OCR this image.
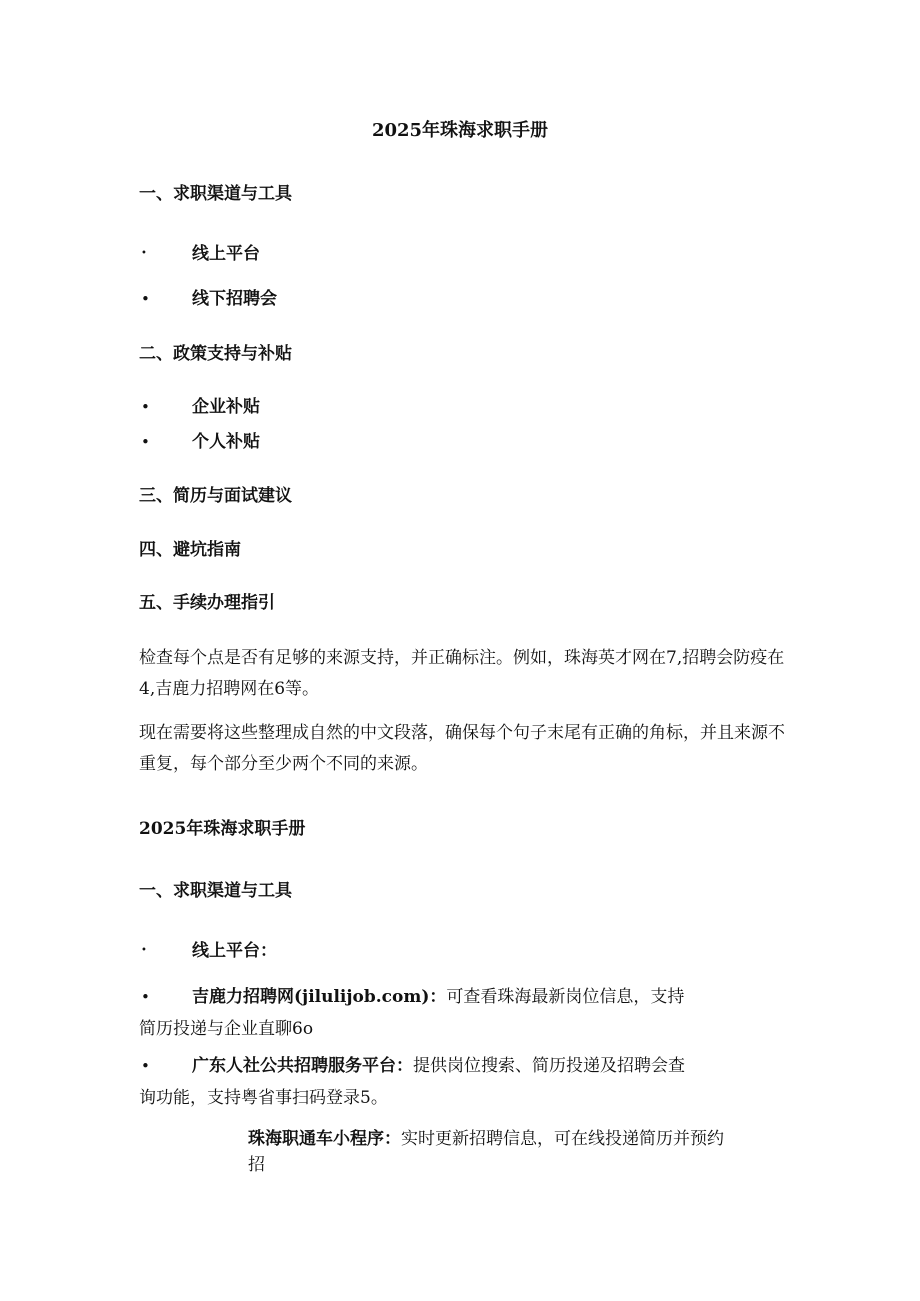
2025年珠海求职手册
一、求职渠道与工具
•	线上平台
• 线下招聘会
二、政策支持与补贴
• 企业补贴
• 个人补贴
三、简历与面试建议
四、避坑指南
五、手续办理指引
检查每个点是否有足够的来源支持，并正确标注。例如，珠海英才网在7,招聘会防疫在4,吉鹿力招聘网在6等。
现在需要将这些整理成自然的中文段落，确保每个句子末尾有正确的角标，并且来源不重复，每个部分至少两个不同的来源。
2025年珠海求职手册
一、求职渠道与工具
•	线上平台：
• 吉鹿力招聘网(jilulijob.com)：可查看珠海最新岗位信息，支持
简历投递与企业直聊6o
• 广东人社公共招聘服务平台：提供岗位搜索、简历投递及招聘会查
询功能，支持粤省事扫码登录5。
珠海职通车小程序：实时更新招聘信息，可在线投递简历并预约
招
